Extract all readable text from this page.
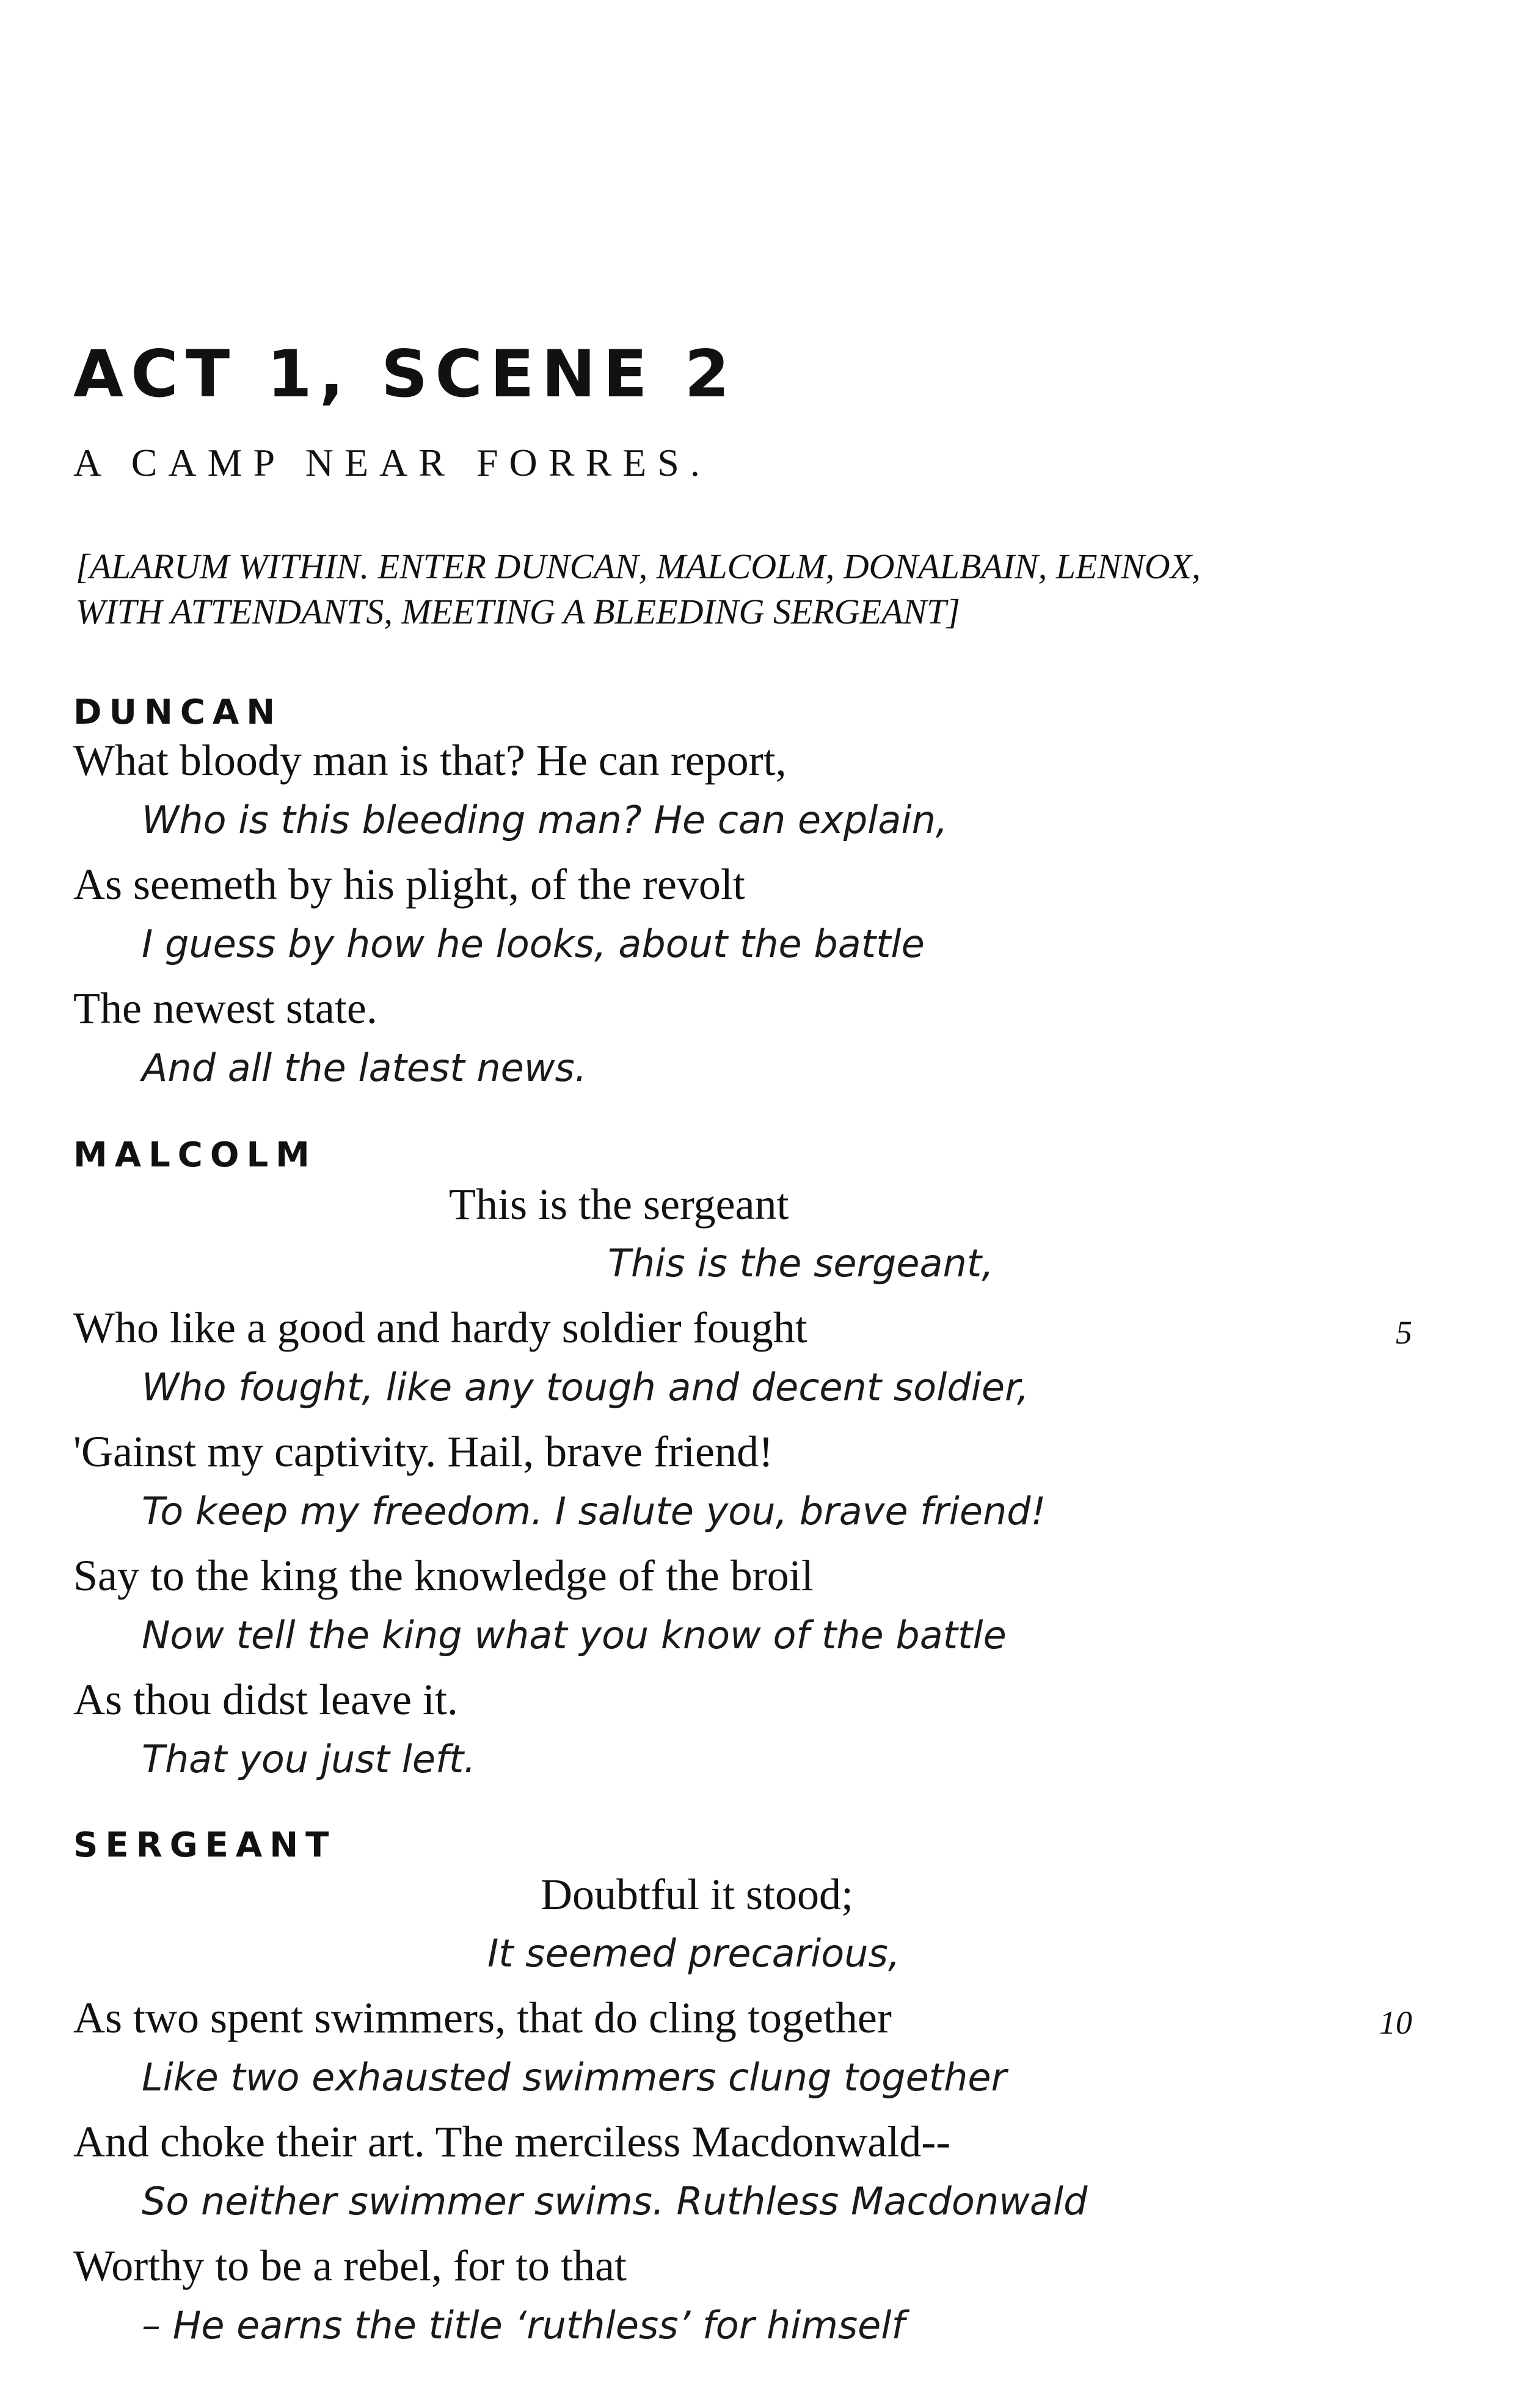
ACT 1, SCENE 2

A CAMP NEAR FORRES.

[ALARUM WITHIN. ENTER DUNCAN, MALCOLM, DONALBAIN, LENNOX,

WITH ATTENDANTS, MEETING A BLEEDING SERGEANT]

DUNCAN

What bloody man is that? He can report,

Who is this bleeding man? He can explain,

As seemeth by his plight, of the revolt

I guess by how he looks, about the battle

The newest state.

And all the latest news.

MALCOLM

This is the sergeant

This is the sergeant,

Who like a good and hardy soldier fought	5

Who fought, like any tough and decent soldier,

'Gainst my captivity. Hail, brave friend!

To keep my freedom. I salute you, brave friend!

Say to the king the knowledge of the broil

Now tell the king what you know of the battle

As thou didst leave it.

That you just left.

SERGEANT

Doubtful it stood;

It seemed precarious,

As two spent swimmers, that do cling together	10

Like two exhausted swimmers clung together

And choke their art. The merciless Macdonwald--

So neither swimmer swims. Ruthless Macdonwald

Worthy to be a rebel, for to that

– He earns the title ‘ruthless’ for himself
